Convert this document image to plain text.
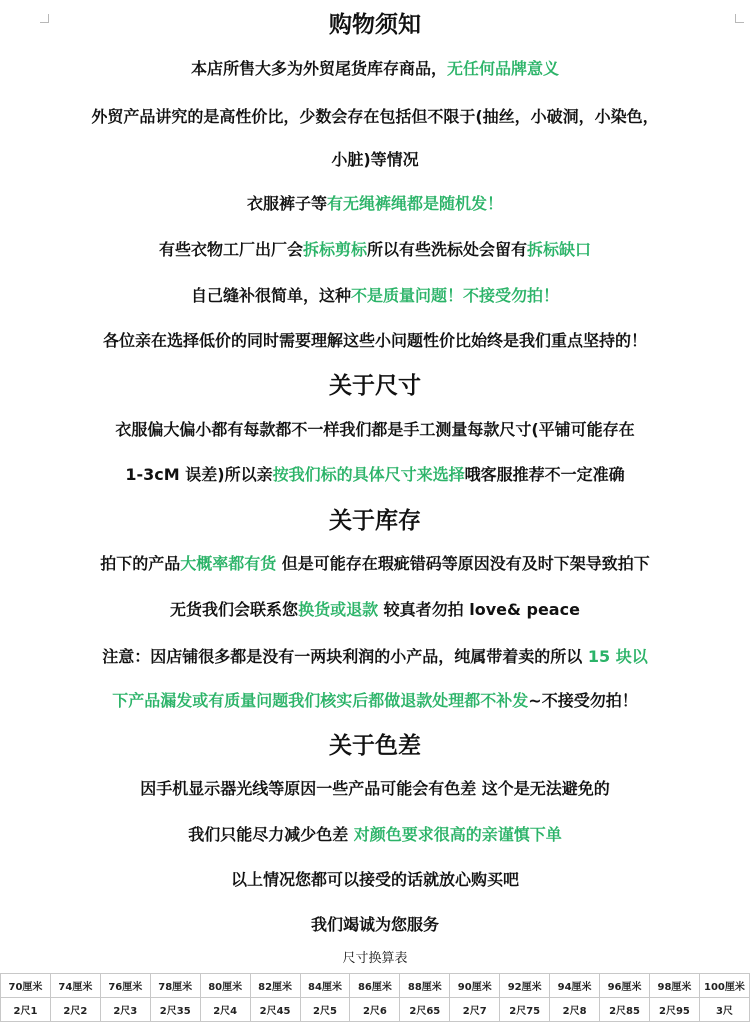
购物须知
本店所售大多为外贸尾货库存商品，无任何品牌意义
外贸产品讲究的是高性价比，少数会存在包括但不限于(抽丝，小破洞，小染色，
小脏)等情况
衣服裤子等有无绳裤绳都是随机发！
有些衣物工厂出厂会拆标剪标所以有些洗标处会留有拆标缺口
自己缝补很简单，这种不是质量问题！不接受勿拍！
各位亲在选择低价的同时需要理解这些小问题性价比始终是我们重点坚持的！
关于尺寸
衣服偏大偏小都有每款都不一样我们都是手工测量每款尺寸(平铺可能存在
1-3cM 误差)所以亲按我们标的具体尺寸来选择哦客服推荐不一定准确
关于库存
拍下的产品大概率都有货 但是可能存在瑕疵错码等原因没有及时下架导致拍下
无货我们会联系您换货或退款 较真者勿拍 love& peace
注意：因店铺很多都是没有一两块利润的小产品，纯属带着卖的所以 15 块以
下产品漏发或有质量问题我们核实后都做退款处理都不补发~不接受勿拍！
关于色差
因手机显示器光线等原因一些产品可能会有色差 这个是无法避免的
我们只能尽力减少色差 对颜色要求很高的亲谨慎下单
以上情况您都可以接受的话就放心购买吧
我们竭诚为您服务
尺寸换算表
70厘米	74厘米	76厘米	78厘米	80厘米	82厘米	84厘米	86厘米	88厘米	90厘米	92厘米	94厘米	96厘米	98厘米	100厘米
2尺1	2尺2	2尺3	2尺35	2尺4	2尺45	2尺5	2尺6	2尺65	2尺7	2尺75	2尺8	2尺85	2尺95	3尺
